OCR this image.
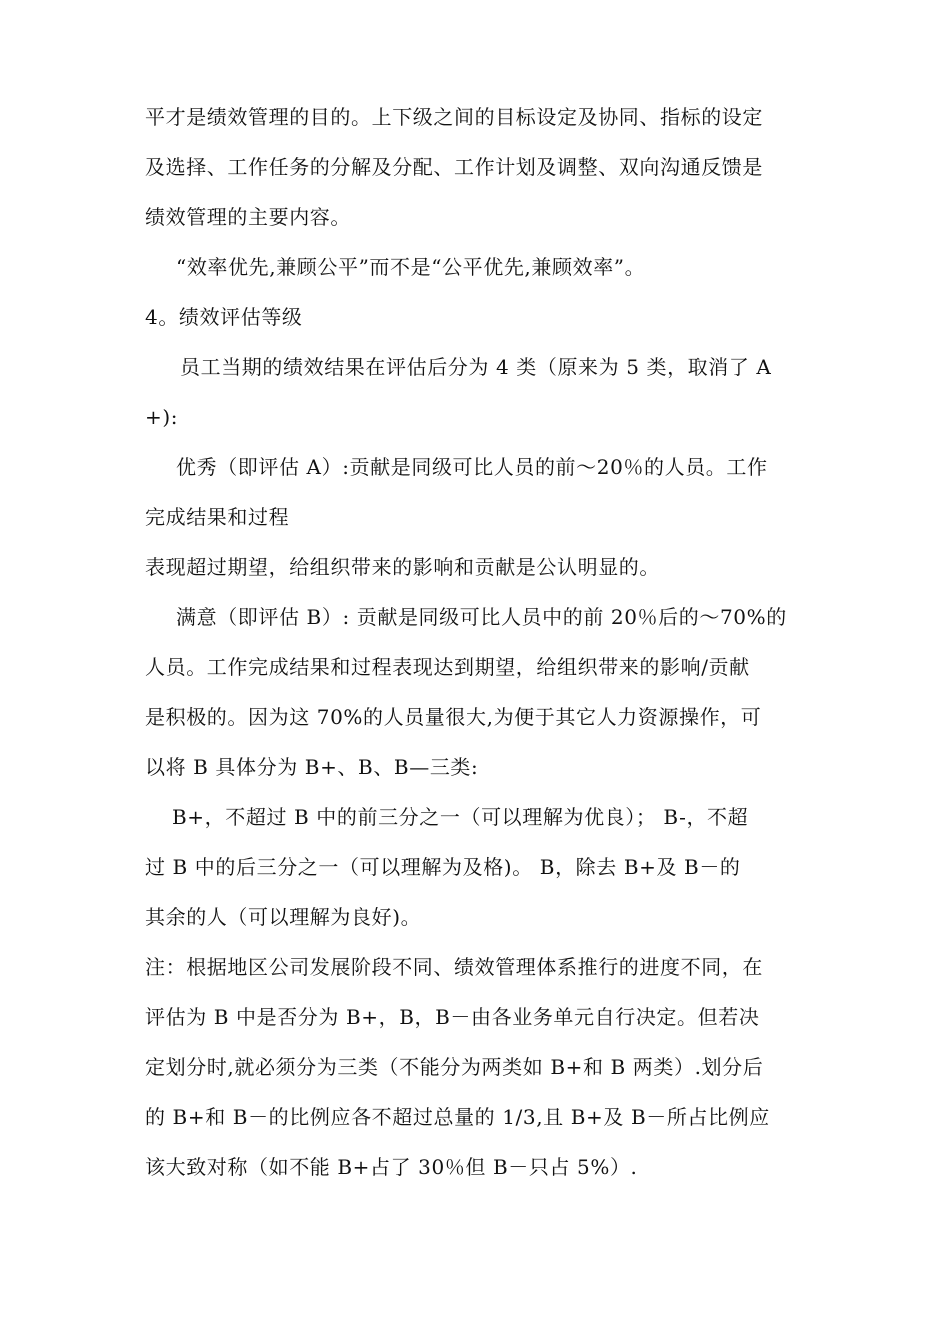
平才是绩效管理的目的。上下级之间的目标设定及协同、指标的设定
及选择、工作任务的分解及分配、工作计划及调整、双向沟通反馈是
绩效管理的主要内容。
“效率优先,兼顾公平”而不是“公平优先,兼顾效率”。
4。绩效评估等级
员工当期的绩效结果在评估后分为 4 类（原来为 5 类，取消了 A
+):
优秀（即评估 A）:贡献是同级可比人员的前～20％的人员。工作
完成结果和过程
表现超过期望，给组织带来的影响和贡献是公认明显的。
满意（即评估 B）: 贡献是同级可比人员中的前 20％后的～70%的
人员。工作完成结果和过程表现达到期望，给组织带来的影响/贡献
是积极的。因为这 70%的人员量很大,为便于其它人力资源操作，可
以将 B 具体分为 B+、B、B—三类:
B+，不超过 B 中的前三分之一（可以理解为优良）； B-，不超
过 B 中的后三分之一（可以理解为及格)。 B，除去 B+及 B－的
其余的人（可以理解为良好)。
注：根据地区公司发展阶段不同、绩效管理体系推行的进度不同，在
评估为 B 中是否分为 B+，B，B－由各业务单元自行决定。但若决
定划分时,就必须分为三类（不能分为两类如 B+和 B 两类）.划分后
的 B+和 B－的比例应各不超过总量的 1/3,且 B+及 B－所占比例应
该大致对称（如不能 B+占了 30％但 B－只占 5%）.
